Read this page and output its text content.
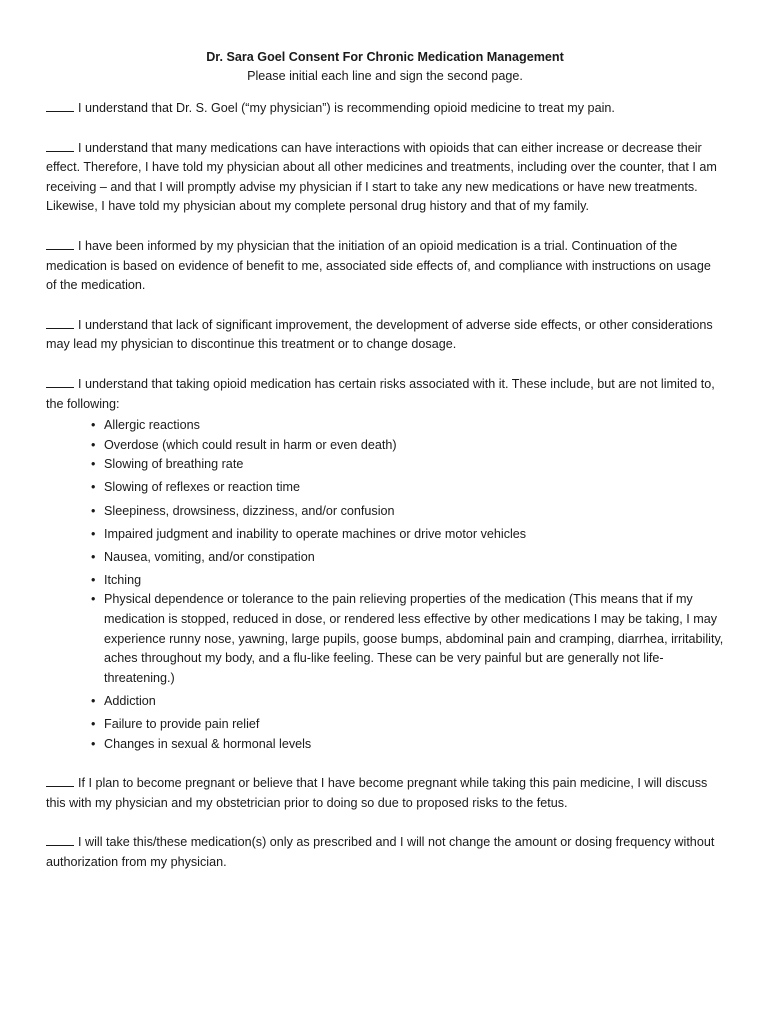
Dr. Sara Goel Consent For Chronic Medication Management

Please initial each line and sign the second page.

I understand that Dr. S. Goel (“my physician”) is recommending opioid medicine to treat my pain.

I understand that many medications can have interactions with opioids that can either increase or decrease their effect. Therefore, I have told my physician about all other medicines and treatments, including over the counter, that I am receiving – and that I will promptly advise my physician if I start to take any new medications or have new treatments. Likewise, I have told my physician about my complete personal drug history and that of my family.

I have been informed by my physician that the initiation of an opioid medication is a trial. Continuation of the medication is based on evidence of benefit to me, associated side effects of, and compliance with instructions on usage of the medication.

I understand that lack of significant improvement, the development of adverse side effects, or other considerations may lead my physician to discontinue this treatment or to change dosage.

I understand that taking opioid medication has certain risks associated with it. These include, but are not limited to, the following:
• Allergic reactions
• Overdose (which could result in harm or even death)
• Slowing of breathing rate
• Slowing of reflexes or reaction time
• Sleepiness, drowsiness, dizziness, and/or confusion
• Impaired judgment and inability to operate machines or drive motor vehicles
• Nausea, vomiting, and/or constipation
• Itching
• Physical dependence or tolerance to the pain relieving properties of the medication (This means that if my medication is stopped, reduced in dose, or rendered less effective by other medications I may be taking, I may experience runny nose, yawning, large pupils, goose bumps, abdominal pain and cramping, diarrhea, irritability, aches throughout my body, and a flu-like feeling. These can be very painful but are generally not life-threatening.)
• Addiction
• Failure to provide pain relief
• Changes in sexual & hormonal levels

If I plan to become pregnant or believe that I have become pregnant while taking this pain medicine, I will discuss this with my physician and my obstetrician prior to doing so due to proposed risks to the fetus.

I will take this/these medication(s) only as prescribed and I will not change the amount or dosing frequency without authorization from my physician.
